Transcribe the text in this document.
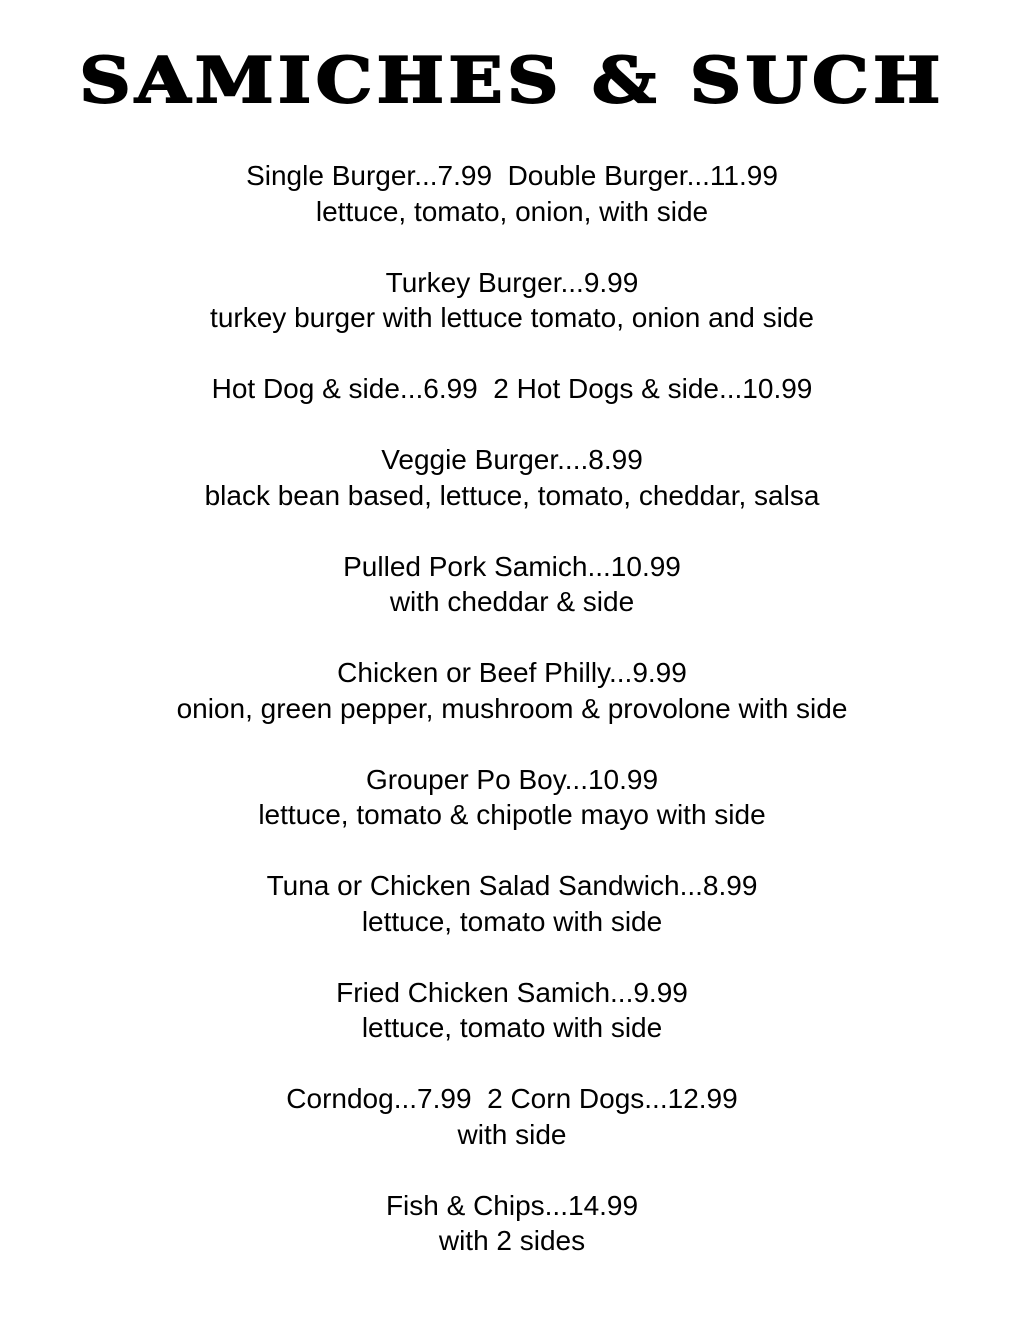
SAMICHES & SUCH
Single Burger...7.99  Double Burger...11.99
lettuce, tomato, onion, with side
Turkey Burger...9.99
turkey burger with lettuce tomato, onion and side
Hot Dog & side...6.99  2 Hot Dogs & side...10.99
Veggie Burger....8.99
black bean based, lettuce, tomato, cheddar, salsa
Pulled Pork Samich...10.99
with cheddar & side
Chicken or Beef Philly...9.99
onion, green pepper, mushroom & provolone with side
Grouper Po Boy...10.99
lettuce, tomato & chipotle mayo with side
Tuna or Chicken Salad Sandwich...8.99
lettuce, tomato with side
Fried Chicken Samich...9.99
lettuce, tomato with side
Corndog...7.99  2 Corn Dogs...12.99
with side
Fish & Chips...14.99
with 2 sides
